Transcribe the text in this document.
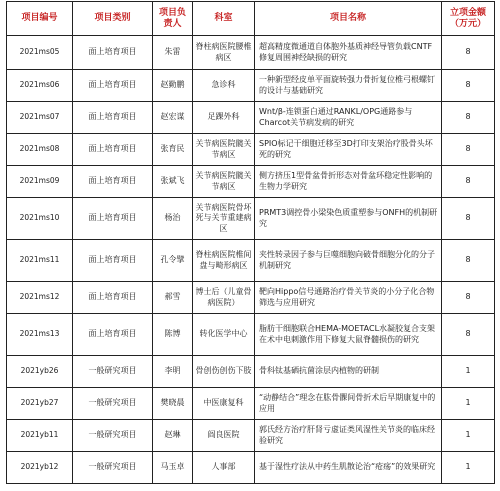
项目编号	项目类别	项目负责人	科室	项目名称	立项金额（万元）
2021ms05	面上培育项目	朱雷	脊柱病医院腰椎病区	超高精度微通道自体胞外基质神经导管负载CNTF修复周围神经缺损的研究	8
2021ms06	面上培育项目	赵勤鹏	急诊科	一种新型经皮单平面旋转强力骨折复位椎弓根螺钉的设计与基础研究	8
2021ms07	面上培育项目	赵宏谋	足踝外科	Wnt/β-连锁蛋白通过RANKL/OPG通路参与Charcot关节病发病的研究	8
2021ms08	面上培育项目	张育民	关节病医院髋关节病区	SPIO标记干细胞迁移至3D打印支架治疗股骨头坏死的研究	8
2021ms09	面上培育项目	张斌飞	关节病医院髋关节病区	侧方挤压1型骨盆骨折形态对骨盆环稳定性影响的生物力学研究	8
2021ms10	面上培育项目	杨治	关节病医院骨坏死与关节重建病区	PRMT3调控骨小梁染色质重塑参与ONFH的机制研究	8
2021ms11	面上培育项目	孔令擘	脊柱病医院椎间盘与畸形病区	夹性转录因子参与巨噬细胞向破骨细胞分化的分子机制研究	8
2021ms12	面上培育项目	郝雪	博士后（儿童骨病医院）	靶向Hippo信号通路治疗骨关节炎的小分子化合物筛选与应用研究	8
2021ms13	面上培育项目	陈博	转化医学中心	脂肪干细胞联合HEMA-MOETACL水凝胶复合支架在术中电刺激作用下修复大鼠脊髓损伤的研究	8
2021yb26	一般研究项目	李明	骨创伤创伤下肢	骨科钛基硒抗菌涂层内植物的研制	1
2021yb27	一般研究项目	樊晓晨	中医康复科	“动静结合”理念在肱骨髁间骨折术后早期康复中的应用	1
2021yb11	一般研究项目	赵琳	阎良医院	郭氏经方治疗肝肾亏虚证类风湿性关节炎的临床经验研究	1
2021yb12	一般研究项目	马玉卓	人事部	基于湿性疗法从中药生肌散论治“疮疡”的效果研究	1
